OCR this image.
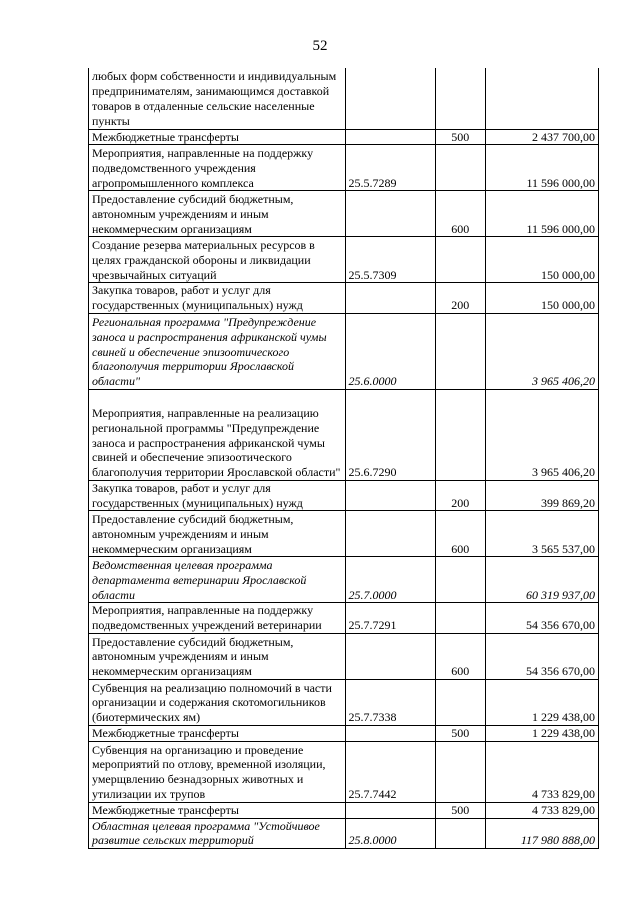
52
любых форм собственности и индивидуальным предпринимателям, занимающимся доставкой товаров в отдаленные сельские населенные пункты			
Межбюджетные трансферты		500	2 437 700,00
Мероприятия, направленные на поддержку подведомственного учреждения агропромышленного комплекса	25.5.7289		11 596 000,00
Предоставление субсидий бюджетным, автономным учреждениям и иным некоммерческим организациям		600	11 596 000,00
Создание резерва материальных ресурсов в целях гражданской обороны и ликвидации чрезвычайных ситуаций	25.5.7309		150 000,00
Закупка товаров, работ и услуг для государственных (муниципальных) нужд		200	150 000,00
Региональная программа "Предупреждение заноса и распространения африканской чумы свиней и обеспечение эпизоотического благополучия территории Ярославской области"	25.6.0000		3 965 406,20
Мероприятия, направленные на реализацию региональной программы "Предупреждение заноса и распространения африканской чумы свиней и обеспечение эпизоотического благополучия территории Ярославской области"	25.6.7290		3 965 406,20
Закупка товаров, работ и услуг для государственных (муниципальных) нужд		200	399 869,20
Предоставление субсидий бюджетным, автономным учреждениям и иным некоммерческим организациям		600	3 565 537,00
Ведомственная целевая программа департамента ветеринарии Ярославской области	25.7.0000		60 319 937,00
Мероприятия, направленные на поддержку подведомственных учреждений ветеринарии	25.7.7291		54 356 670,00
Предоставление субсидий бюджетным, автономным учреждениям и иным некоммерческим организациям		600	54 356 670,00
Субвенция на реализацию полномочий в части организации и содержания скотомогильников (биотермических ям)	25.7.7338		1 229 438,00
Межбюджетные трансферты		500	1 229 438,00
Субвенция на организацию и проведение мероприятий по отлову, временной изоляции, умерщвлению безнадзорных животных и утилизации их трупов	25.7.7442		4 733 829,00
Межбюджетные трансферты		500	4 733 829,00
Областная целевая программа "Устойчивое развитие сельских территорий	25.8.0000		117 980 888,00
